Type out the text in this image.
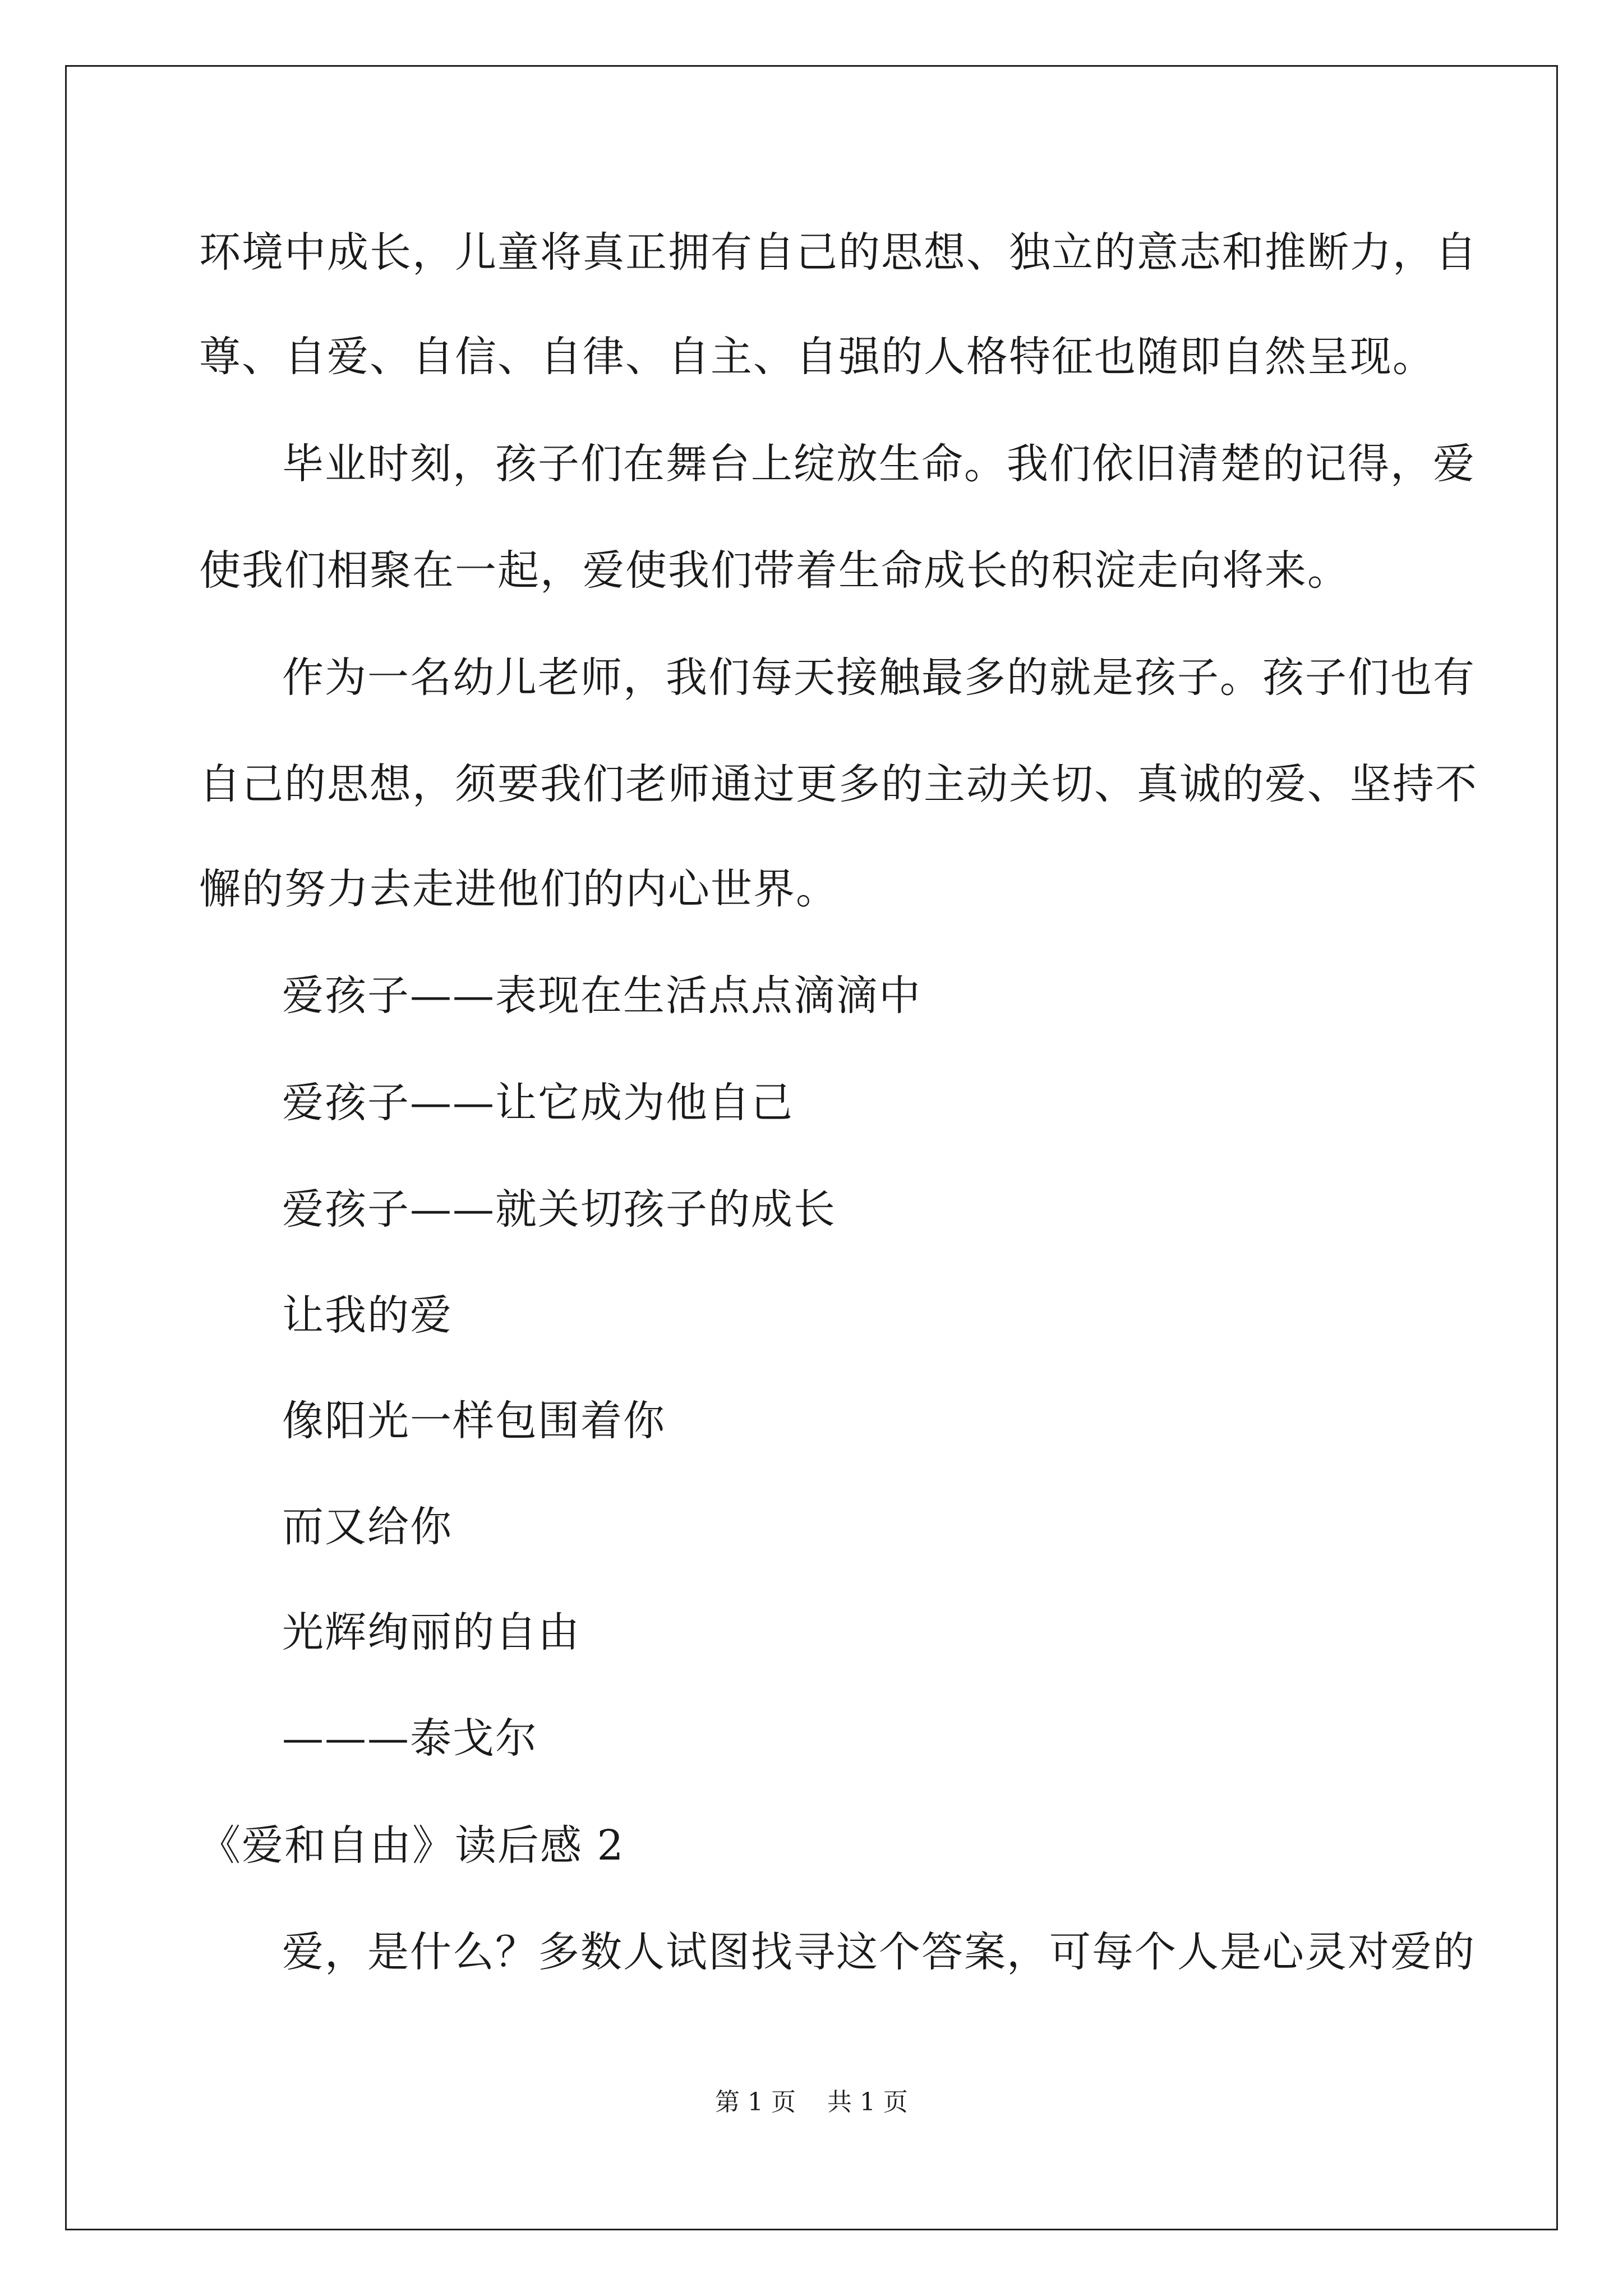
环境中成长，儿童将真正拥有自己的思想、独立的意志和推断力，自
尊、自爱、自信、自律、自主、自强的人格特征也随即自然呈现。
毕业时刻，孩子们在舞台上绽放生命。我们依旧清楚的记得，爱
使我们相聚在一起，爱使我们带着生命成长的积淀走向将来。
作为一名幼儿老师，我们每天接触最多的就是孩子。孩子们也有
自己的思想，须要我们老师通过更多的主动关切、真诚的爱、坚持不
懈的努力去走进他们的内心世界。
爱孩子——表现在生活点点滴滴中
爱孩子——让它成为他自己
爱孩子——就关切孩子的成长
让我的爱
像阳光一样包围着你
而又给你
光辉绚丽的自由
———泰戈尔
《爱和自由》读后感 2
爱，是什么？多数人试图找寻这个答案，可每个人是心灵对爱的
第 1 页    共 1 页
